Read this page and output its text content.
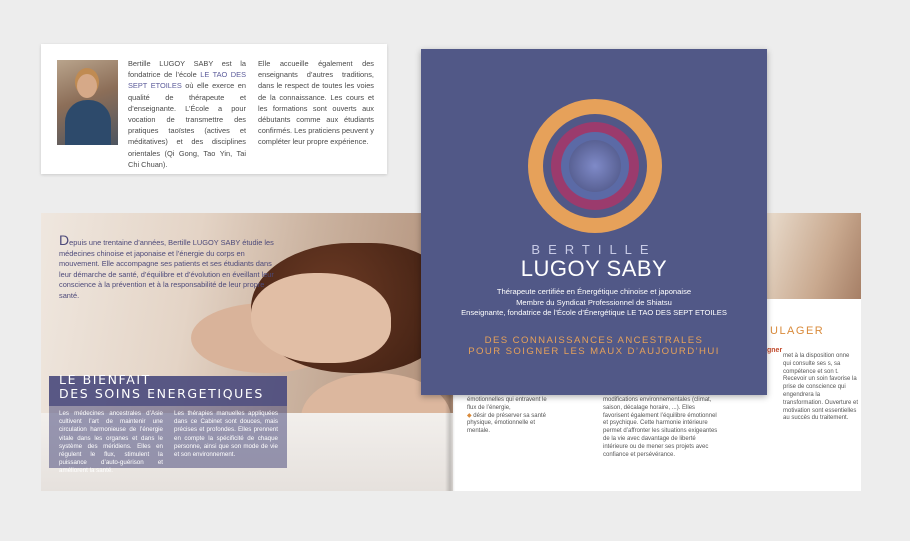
Bertille LUGOY SABY est la fondatrice de l’école LE TAO DES SEPT ETOILES où elle exerce en qualité de thérapeute et d’enseignante. L’École a pour vocation de transmettre des pratiques taoïstes (actives et méditatives) et des disciplines orientales (Qi Gong, Tao Yin, Tai Chi Chuan).
Elle accueille également des enseignants d’autres traditions, dans le respect de toutes les voies de la connaissance. Les cours et les formations sont ouverts aux débutants comme aux étudiants confirmés. Les praticiens peuvent y compléter leur propre expérience.
Depuis une trentaine d’années, Bertille LUGOY SABY étudie les médecines chinoise et japonaise et l’énergie du corps en mouvement. Elle accompagne ses patients et ses étudiants dans leur démarche de santé, d’équilibre et d’évolution en éveillant leur conscience à la prévention et à la responsabilité de leur propre santé.
LE BIENFAIT
DES SOINS ENERGETIQUES
Les médecines ancestrales d’Asie cultivent l’art de maintenir une circulation harmonieuse de l’énergie vitale dans les organes et dans le système des méridiens. Elles en régulent le flux, stimulent la puissance d’auto-guérison et améliorent la santé.
Les thérapies manuelles appliquées dans ce Cabinet sont douces, mais précises et profondes. Elles prennent en compte la spécificité de chaque personne, ainsi que son mode de vie et son environnement.
émotionnelles qui entravent le flux de l’énergie,
◆ désir de préserver sa santé physique, émotionnelle et mentale.
modifications environnementales (climat, saison, décalage horaire, ...). Elles favorisent également l’équilibre émotionnel et psychique. Cette harmonie intérieure permet d’affronter les situations exigeantes de la vie avec davantage de liberté intérieure ou de mener ses projets avec confiance et persévérance.
met à la disposition onne qui consulte ses s, sa compétence et son t. Recevoir un soin favorise la prise de conscience qui engendrera la transformation. Ouverture et motivation sont essentielles au succès du traitement.
ULAGER
gner
BERTILLE
LUGOY SABY
Thérapeute certifiée en Énergétique chinoise et japonaise
Membre du Syndicat Professionnel de Shiatsu
Enseignante, fondatrice de l’École d’Énergétique LE TAO DES SEPT ETOILES
DES CONNAISSANCES ANCESTRALES
POUR SOIGNER LES MAUX D’AUJOURD’HUI
